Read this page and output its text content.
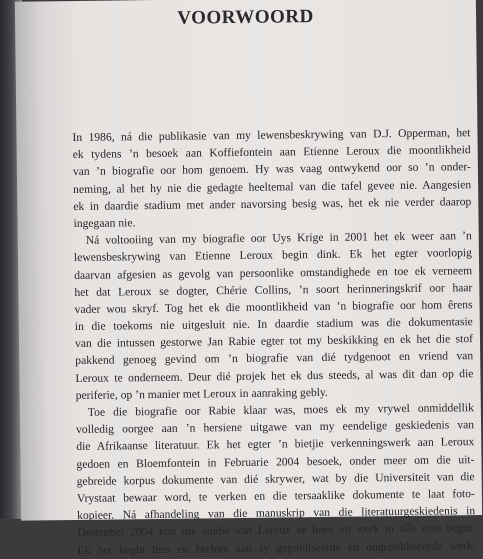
VOORWOORD
In 1986, ná die publikasie van my lewensbeskrywing van D.J. Opperman, het
ek tydens ’n besoek aan Koffiefontein aan Etienne Leroux die moontlikheid
van ’n biografie oor hom genoem. Hy was vaag ontwykend oor so ’n onder-
neming, al het hy nie die gedagte heeltemal van die tafel gevee nie. Aangesien
ek in daardie stadium met ander navorsing besig was, het ek nie verder daarop
ingegaan nie.
Ná voltooiing van my biografie oor Uys Krige in 2001 het ek weer aan ’n
lewensbeskrywing van Etienne Leroux begin dink. Ek het egter voorlopig
daarvan afgesien as gevolg van persoonlike omstandighede en toe ek verneem
het dat Leroux se dogter, Chérie Collins, ’n soort herinneringskrif oor haar
vader wou skryf. Tog het ek die moontlikheid van ’n biografie oor hom êrens
in die toekoms nie uitgesluit nie. In daardie stadium was die dokumentasie
van die intussen gestorwe Jan Rabie egter tot my beskikking en ek het die stof
pakkend genoeg gevind om ’n biografie van dié tydgenoot en vriend van
Leroux te onderneem. Deur dié projek het ek dus steeds, al was dit dan op die
periferie, op ’n manier met Leroux in aanraking gebly.
Toe die biografie oor Rabie klaar was, moes ek my vrywel onmiddellik
volledig oorgee aan ’n hersiene uitgawe van my eendelige geskiedenis van
die Afrikaanse literatuur. Ek het egter ’n bietjie verkenningswerk aan Leroux
gedoen en Bloemfontein in Februarie 2004 besoek, onder meer om die uit-
gebreide korpus dokumente van dié skrywer, wat by die Universiteit van die
Vrystaat bewaar word, te verken en die tersaaklike dokumente te laat foto-
kopieer. Ná afhandeling van die manuskrip van die literatuurgeskiedenis in
Desember 2004 kon my studie van Leroux se lewe en werk in alle erns begin.
Ek het begin lees en herlees aan sy gepubliseerde en ongepubliseerde werk,
